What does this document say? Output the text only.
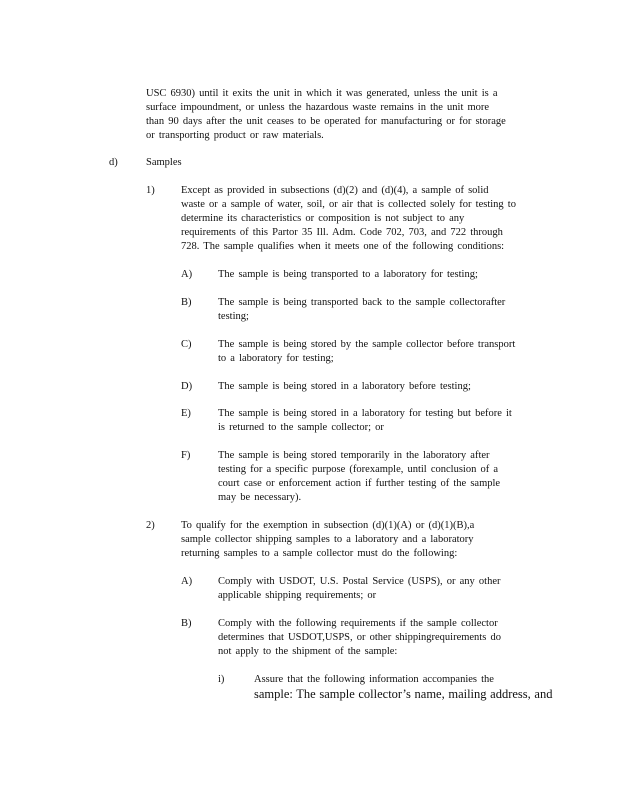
USC 6930) until it exits the unit in which it was generated, unless the unit is a
surface impoundment, or unless the hazardous waste remains in the unit more
than 90 days after the unit ceases to be operated for manufacturing or for storage
or transporting product or raw materials.
d)	Samples
1)	Except as provided in subsections (d)(2) and (d)(4), a sample of solid
waste or a sample of water, soil, or air that is collected solely for testing to
determine its characteristics or composition is not subject to any
requirements of this Partor 35 Ill. Adm. Code 702, 703, and 722 through
728. The sample qualifies when it meets one of the following conditions:
A) The sample is being transported to a laboratory for testing;
B)	The sample is being transported back to the sample collectorafter
testing;
C)	The sample is being stored by the sample collector before transport
to a laboratory for testing;
D) The sample is being stored in a laboratory before testing;
E)	The sample is being stored in a laboratory for testing but before it
is returned to the sample collector; or
F)	The sample is being stored temporarily in the laboratory after
testing for a specific purpose (forexample, until conclusion of a
court case or enforcement action if further testing of the sample
may be necessary).
2)	To qualify for the exemption in subsection (d)(1)(A) or (d)(1)(B),a
sample collector shipping samples to a laboratory and a laboratory
returning samples to a sample collector must do the following:
A) Comply with USDOT, U.S. Postal Service (USPS), or any other
applicable shipping requirements; or
B)	Comply with the following requirements if the sample collector
determines that USDOT,USPS, or other shippingrequirements do
not apply to the shipment of the sample:
i)	Assure that the following information accompanies the
sample: The sample collector’s name, mailing address, and
